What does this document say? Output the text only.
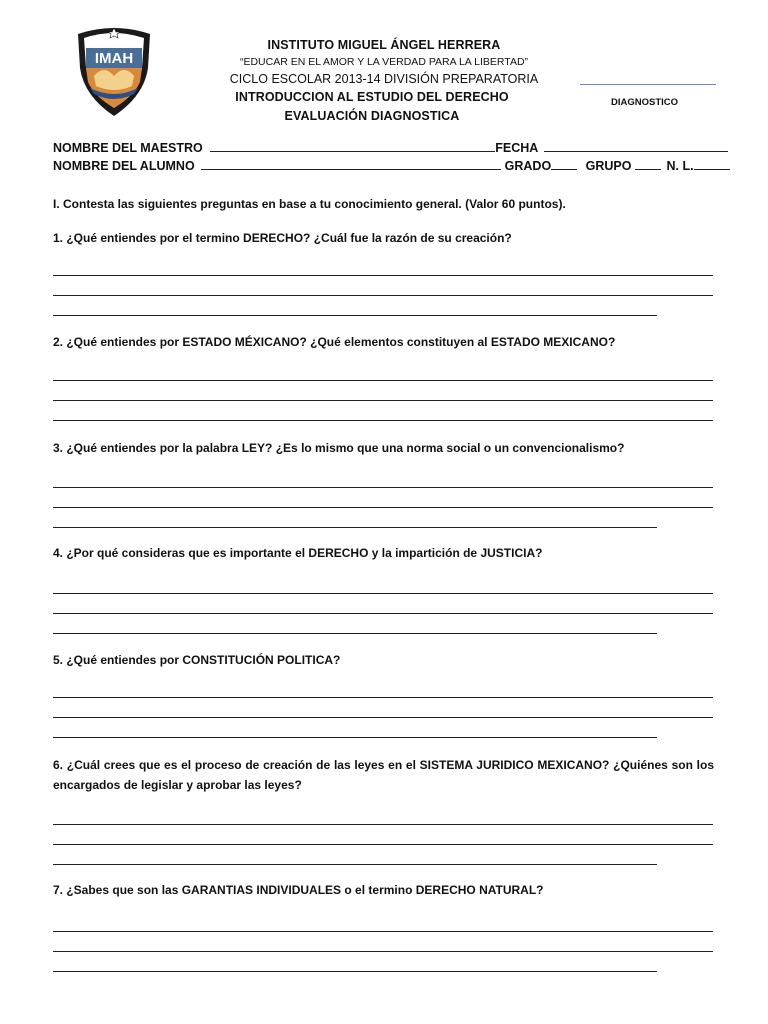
IMAH
INSTITUTO MIGUEL ÁNGEL HERRERA
“EDUCAR EN EL AMOR Y LA VERDAD PARA LA LIBERTAD”
CICLO ESCOLAR 2013-14 DIVISIÓN PREPARATORIA
INTRODUCCION AL ESTUDIO DEL DERECHO
EVALUACIÓN DIAGNOSTICA
DIAGNOSTICO
NOMBRE DEL MAESTRO	FECHA
NOMBRE DEL ALUMNO	GRADO	GRUPO	N. L.
I. Contesta las siguientes preguntas en base a tu conocimiento general. (Valor 60 puntos).
1. ¿Qué entiendes por el termino DERECHO? ¿Cuál fue la razón de su creación?
2. ¿Qué entiendes por ESTADO MÉXICANO? ¿Qué elementos constituyen al ESTADO MEXICANO?
3. ¿Qué entiendes por la palabra LEY? ¿Es lo mismo que una norma social o un convencionalismo?
4. ¿Por qué consideras que es importante el DERECHO y la impartición de JUSTICIA?
5. ¿Qué entiendes por CONSTITUCIÓN POLITICA?
6. ¿Cuál crees que es el proceso de creación de las leyes en el SISTEMA JURIDICO MEXICANO? ¿Quiénes son los encargados de legislar y aprobar las leyes?
7. ¿Sabes que son las GARANTIAS INDIVIDUALES o el termino DERECHO NATURAL?
